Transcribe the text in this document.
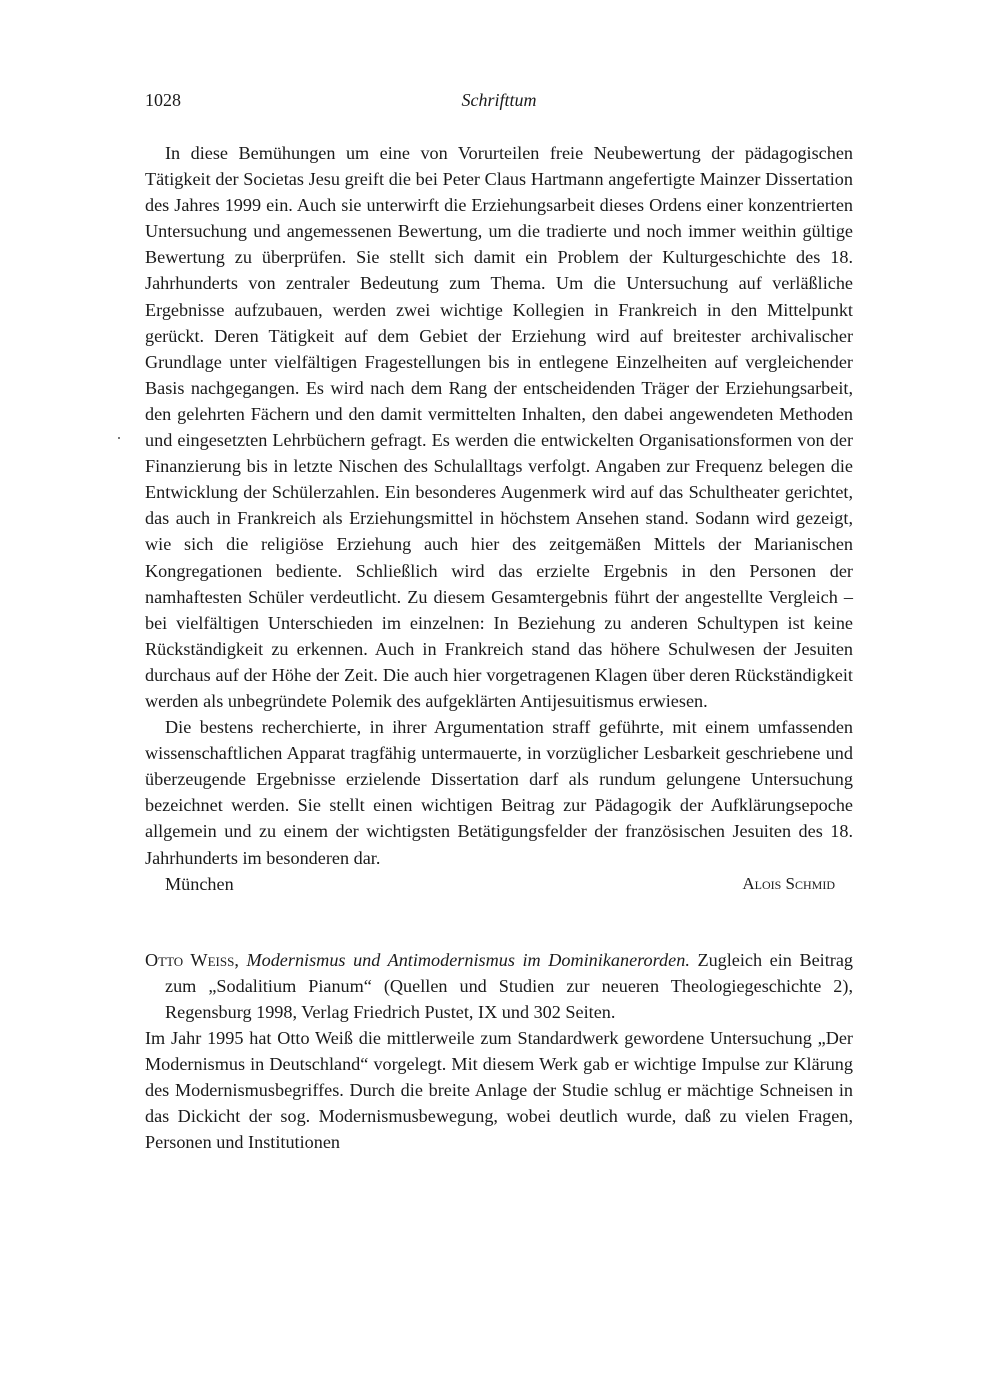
1028	Schrifttum

In diese Bemühungen um eine von Vorurteilen freie Neubewertung der pädagogischen Tätigkeit der Societas Jesu greift die bei Peter Claus Hartmann angefertigte Mainzer Dissertation des Jahres 1999 ein. Auch sie unterwirft die Erziehungsarbeit dieses Ordens einer konzentrierten Untersuchung und angemessenen Bewertung, um die tradierte und noch immer weithin gültige Bewertung zu überprüfen. Sie stellt sich damit ein Problem der Kulturgeschichte des 18. Jahrhunderts von zentraler Bedeutung zum Thema. Um die Untersuchung auf verläßliche Ergebnisse aufzubauen, werden zwei wichtige Kollegien in Frankreich in den Mittelpunkt gerückt. Deren Tätigkeit auf dem Gebiet der Erziehung wird auf breitester archivalischer Grundlage unter vielfältigen Fragestellungen bis in entlegene Einzelheiten auf vergleichender Basis nachgegangen. Es wird nach dem Rang der entscheidenden Träger der Erziehungsarbeit, den gelehrten Fächern und den damit vermittelten Inhalten, den dabei angewendeten Methoden und eingesetzten Lehrbüchern gefragt. Es werden die entwickelten Organisationsformen von der Finanzierung bis in letzte Nischen des Schulalltags verfolgt. Angaben zur Frequenz belegen die Entwicklung der Schülerzahlen. Ein besonderes Augenmerk wird auf das Schultheater gerichtet, das auch in Frankreich als Erziehungsmittel in höchstem Ansehen stand. Sodann wird gezeigt, wie sich die religiöse Erziehung auch hier des zeitgemäßen Mittels der Marianischen Kongregationen bediente. Schließlich wird das erzielte Ergebnis in den Personen der namhaftesten Schüler verdeutlicht. Zu diesem Gesamtergebnis führt der angestellte Vergleich – bei vielfältigen Unterschieden im einzelnen: In Beziehung zu anderen Schultypen ist keine Rückständigkeit zu erkennen. Auch in Frankreich stand das höhere Schulwesen der Jesuiten durchaus auf der Höhe der Zeit. Die auch hier vorgetragenen Klagen über deren Rückständigkeit werden als unbegründete Polemik des aufgeklärten Antijesuitismus erwiesen.

Die bestens recherchierte, in ihrer Argumentation straff geführte, mit einem umfassenden wissenschaftlichen Apparat tragfähig untermauerte, in vorzüglicher Lesbarkeit geschriebene und überzeugende Ergebnisse erzielende Dissertation darf als rundum gelungene Untersuchung bezeichnet werden. Sie stellt einen wichtigen Beitrag zur Pädagogik der Aufklärungsepoche allgemein und zu einem der wichtigsten Betätigungsfelder der französischen Jesuiten des 18. Jahrhunderts im besonderen dar.

München	Alois Schmid
Otto Weiss, Modernismus und Antimodernismus im Dominikanerorden. Zugleich ein Beitrag zum „Sodalitium Pianum“ (Quellen und Studien zur neueren Theologiegeschichte 2), Regensburg 1998, Verlag Friedrich Pustet, IX und 302 Seiten.

Im Jahr 1995 hat Otto Weiß die mittlerweile zum Standardwerk gewordene Untersuchung „Der Modernismus in Deutschland“ vorgelegt. Mit diesem Werk gab er wichtige Impulse zur Klärung des Modernismusbegriffes. Durch die breite Anlage der Studie schlug er mächtige Schneisen in das Dickicht der sog. Modernismusbewegung, wobei deutlich wurde, daß zu vielen Fragen, Personen und Institutionen
